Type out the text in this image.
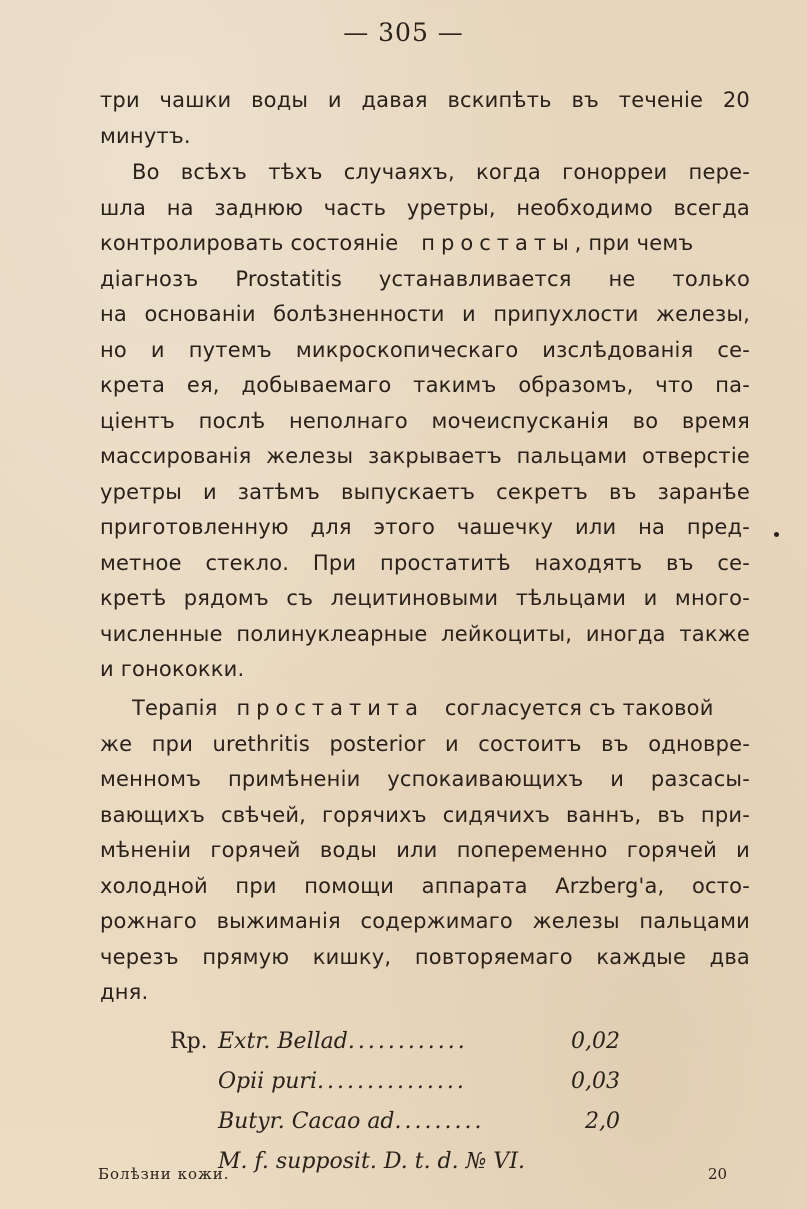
— 305 —
три чашки воды и давая вскипѣть въ теченіе 20
минутъ.
Во всѣхъ тѣхъ случаяхъ, когда гонорреи пере-
шла на заднюю часть уретры, необходимо всегда
контролировать состояніе простаты, при чемъ
діагнозъ Prostatitis устанавливается не только
на основаніи болѣзненности и припухлости железы,
но и путемъ микроскопическаго изслѣдованія се-
крета ея, добываемаго такимъ образомъ, что па-
ціентъ послѣ неполнаго мочеиспусканія во время
массированія железы закрываетъ пальцами отверстіе
уретры и затѣмъ выпускаетъ секретъ въ заранѣе
приготовленную для этого чашечку или на пред-
метное стекло. При простатитѣ находятъ въ се-
кретѣ рядомъ съ лецитиновыми тѣльцами и много-
численные полинуклеарные лейкоциты, иногда также
и гонококки.
Терапія простатита согласуется съ таковой
же при urethritis posterior и состоитъ въ одновре-
менномъ примѣненіи успокаивающихъ и разсасы-
вающихъ свѣчей, горячихъ сидячихъ ваннъ, въ при-
мѣненіи горячей воды или попеременно горячей и
холодной при помощи аппарата Arzberg'a, осто-
рожнаго выжиманія содержимаго железы пальцами
черезъ прямую кишку, повторяемаго каждые два
дня.
Rp. Extr. Bellad............	0,02
Opii puri...............	0,03
Butyr. Cacao ad.........	2,0
M. f. supposit. D. t. d. № VI.
Болѣзни кожи.	20
